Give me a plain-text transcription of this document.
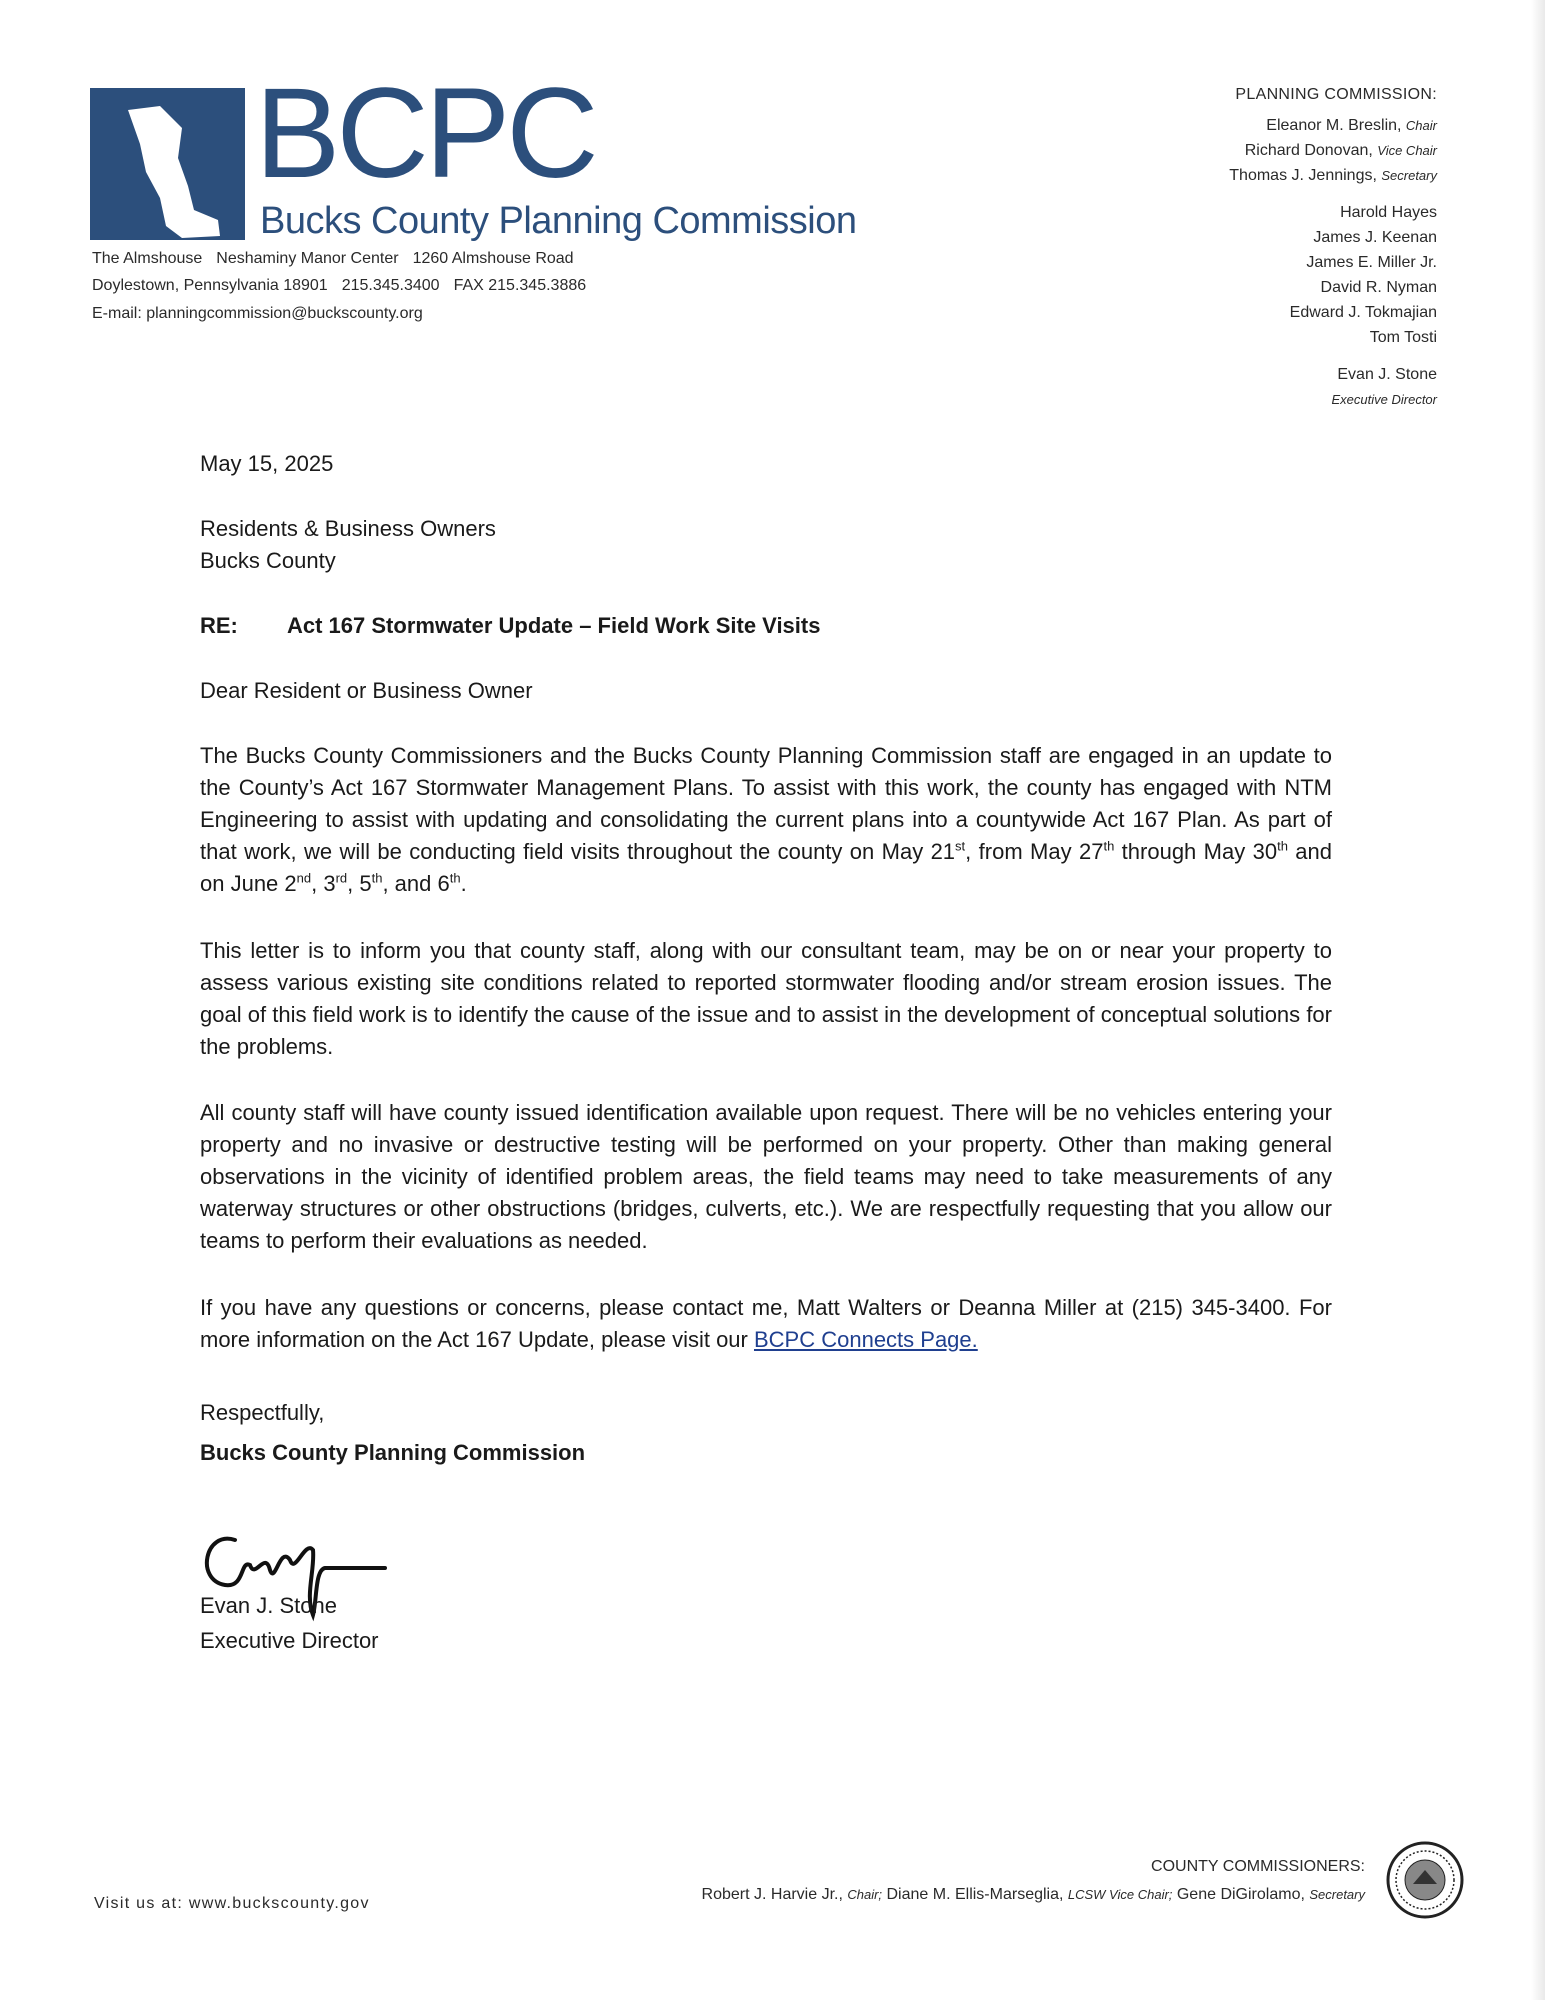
BCPC
Bucks County Planning Commission
The Almshouse Neshaminy Manor Center 1260 Almshouse Road
Doylestown, Pennsylvania 18901 215.345.3400 FAX 215.345.3886
E-mail: planningcommission@buckscounty.org
PLANNING COMMISSION:
Eleanor M. Breslin, Chair
Richard Donovan, Vice Chair
Thomas J. Jennings, Secretary
Harold Hayes
James J. Keenan
James E. Miller Jr.
David R. Nyman
Edward J. Tokmajian
Tom Tosti
Evan J. Stone
Executive Director
May 15, 2025
Residents & Business Owners
Bucks County
RE: Act 167 Stormwater Update – Field Work Site Visits
Dear Resident or Business Owner
The Bucks County Commissioners and the Bucks County Planning Commission staff are engaged in an update to the County’s Act 167 Stormwater Management Plans. To assist with this work, the county has engaged with NTM Engineering to assist with updating and consolidating the current plans into a countywide Act 167 Plan. As part of that work, we will be conducting field visits throughout the county on May 21st, from May 27th through May 30th and on June 2nd, 3rd, 5th, and 6th.
This letter is to inform you that county staff, along with our consultant team, may be on or near your property to assess various existing site conditions related to reported stormwater flooding and/or stream erosion issues. The goal of this field work is to identify the cause of the issue and to assist in the development of conceptual solutions for the problems.
All county staff will have county issued identification available upon request. There will be no vehicles entering your property and no invasive or destructive testing will be performed on your property. Other than making general observations in the vicinity of identified problem areas, the field teams may need to take measurements of any waterway structures or other obstructions (bridges, culverts, etc.). We are respectfully requesting that you allow our teams to perform their evaluations as needed.
If you have any questions or concerns, please contact me, Matt Walters or Deanna Miller at (215) 345-3400. For more information on the Act 167 Update, please visit our BCPC Connects Page.
Respectfully,
Bucks County Planning Commission
Evan J. Stone
Executive Director
Visit us at: www.buckscounty.gov
COUNTY COMMISSIONERS:
Robert J. Harvie Jr., Chair; Diane M. Ellis-Marseglia, LCSW Vice Chair; Gene DiGirolamo, Secretary
